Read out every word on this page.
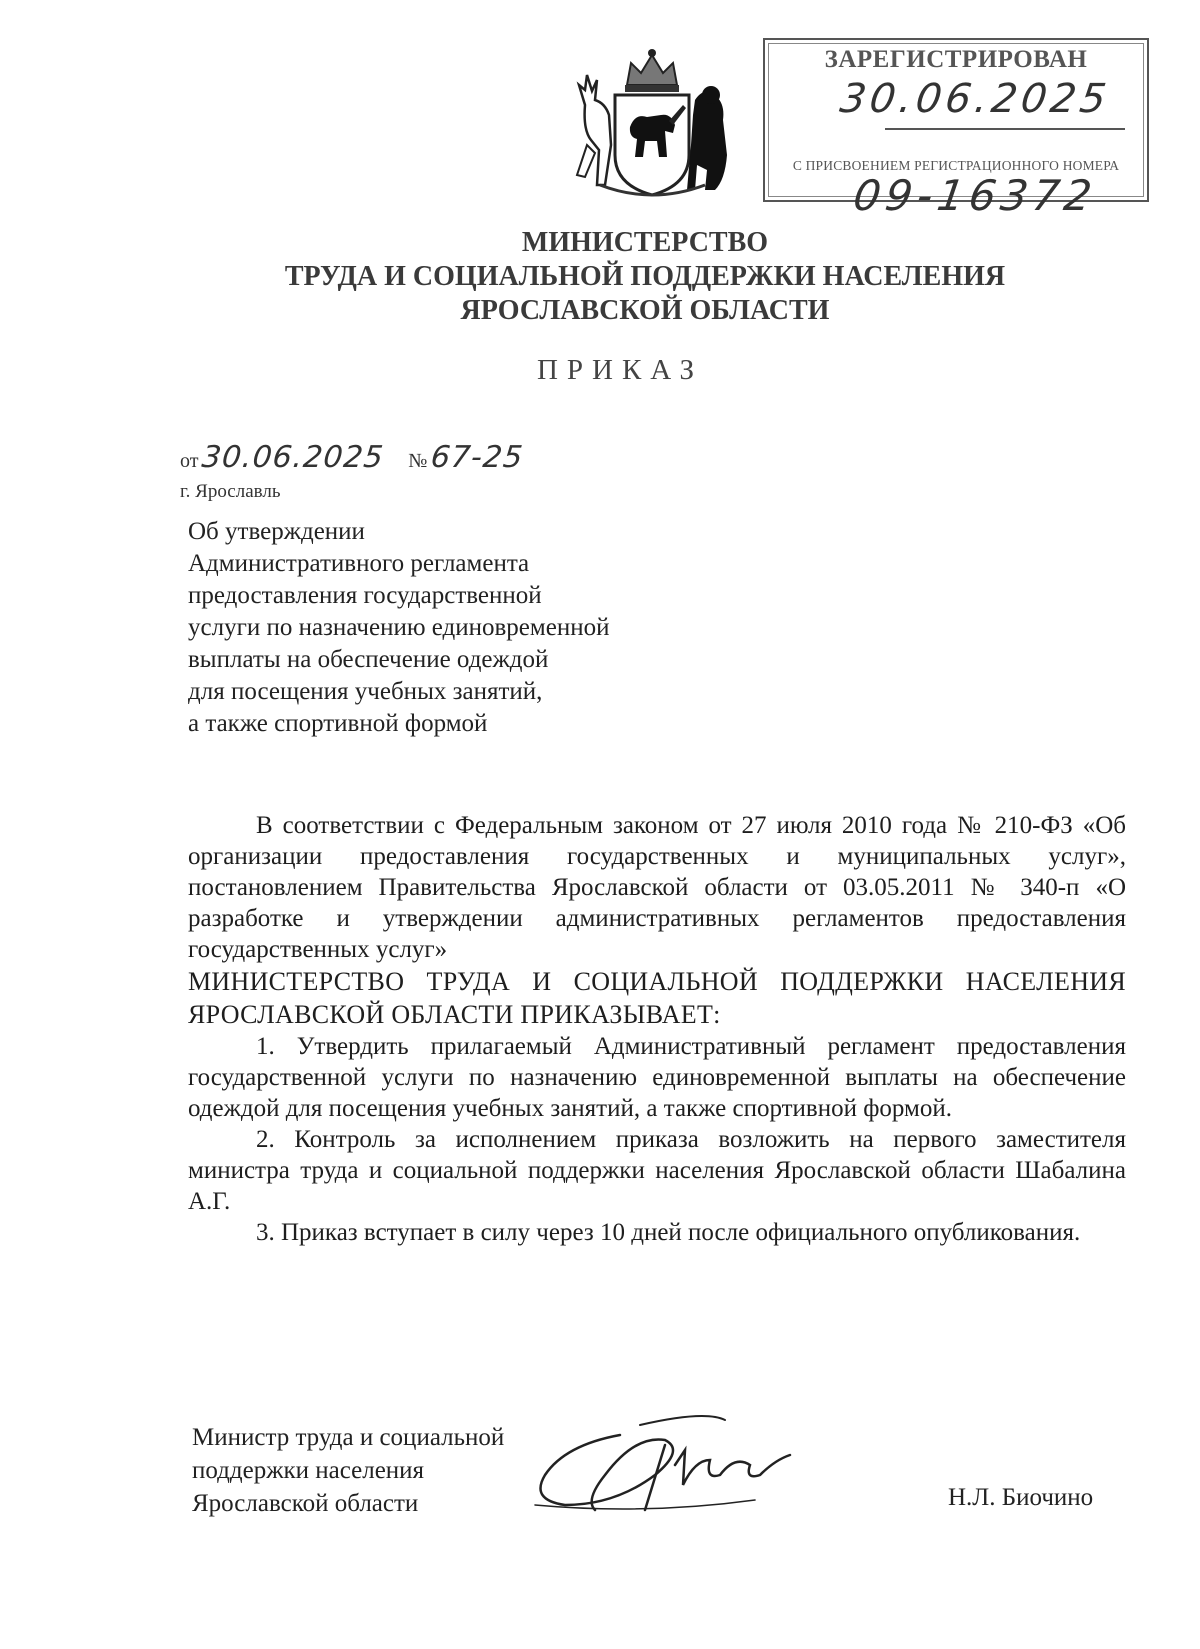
ЗАРЕГИСТРИРОВАН
30.06.2025
С ПРИСВОЕНИЕМ РЕГИСТРАЦИОННОГО НОМЕРА
09-16372
МИНИСТЕРСТВО
ТРУДА И СОЦИАЛЬНОЙ ПОДДЕРЖКИ НАСЕЛЕНИЯ
ЯРОСЛАВСКОЙ ОБЛАСТИ
ПРИКАЗ
от 30.06.2025 № 67-25
г. Ярославль
Об утверждении
Административного регламента
предоставления государственной
услуги по назначению единовременной
выплаты на обеспечение одеждой
для посещения учебных занятий,
а также спортивной формой

В соответствии с Федеральным законом от 27 июля 2010 года № 210-ФЗ «Об организации предоставления государственных и муниципальных услуг», постановлением Правительства Ярославской области от 03.05.2011 № 340-п «О разработке и утверждении административных регламентов предоставления государственных услуг»

МИНИСТЕРСТВО ТРУДА И СОЦИАЛЬНОЙ ПОДДЕРЖКИ НАСЕЛЕНИЯ ЯРОСЛАВСКОЙ ОБЛАСТИ ПРИКАЗЫВАЕТ:

1. Утвердить прилагаемый Административный регламент предоставления государственной услуги по назначению единовременной выплаты на обеспечение одеждой для посещения учебных занятий, а также спортивной формой.

2. Контроль за исполнением приказа возложить на первого заместителя министра труда и социальной поддержки населения Ярославской области Шабалина А.Г.

3. Приказ вступает в силу через 10 дней после официального опубликования.

Министр труда и социальной
поддержки населения
Ярославской области	Н.Л. Биочино
